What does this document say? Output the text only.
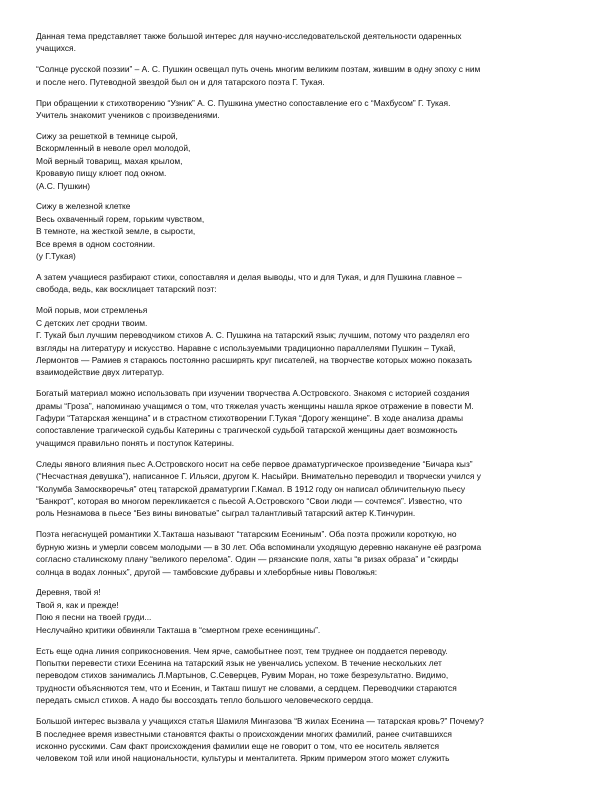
Данная тема представляет также большой интерес для научно-исследовательской деятельности одаренных
учащихся.

“Солнце русской поэзии” – А. С. Пушкин освещал путь очень многим великим поэтам, жившим в одну эпоху с ним
и после него. Путеводной звездой был он и для татарского поэта Г. Тукая.

При обращении к стихотворению “Узник” А. С. Пушкина уместно сопоставление его с “Махбусом” Г. Тукая.
Учитель знакомит учеников с произведениями.

Сижу за решеткой в темнице сырой,
Вскормленный в неволе орел молодой,
Мой верный товарищ, махая крылом,
Кровавую пищу клюет под окном.
(А.С. Пушкин)

Сижу в железной клетке
Весь охваченный горем, горьким чувством,
В темноте, на жесткой земле, в сырости,
Все время в одном состоянии.
(у Г.Тукая)

А затем учащиеся разбирают стихи, сопоставляя и делая выводы, что и для Тукая, и для Пушкина главное –
свобода, ведь, как восклицает татарский поэт:

Мой порыв, мои стремленья
С детских лет сродни твоим.
Г. Тукай был лучшим переводчиком стихов А. С. Пушкина на татарский язык; лучшим, потому что разделял его
взгляды на литературу и искусство. Наравне с используемыми традиционно параллелями Пушкин – Тукай,
Лермонтов — Рамиев я стараюсь постоянно расширять круг писателей, на творчестве которых можно показать
взаимодействие двух литератур.

Богатый материал можно использовать при изучении творчества А.Островского. Знакомя с историей создания
драмы “Гроза”, напоминаю учащимся о том, что тяжелая участь женщины нашла яркое отражение в повести М.
Гафури “Татарская женщина” и в страстном стихотворении Г.Тукая “Дорогу женщине”. В ходе анализа драмы
сопоставление трагической судьбы Катерины с трагической судьбой татарской женщины дает возможность
учащимся правильно понять и поступок Катерины.

Следы явного влияния пьес А.Островского носит на себе первое драматургическое произведение “Бичара кыз”
(“Несчастная девушка”), написанное Г. Ильяси, другом К. Насыйри. Внимательно переводил и творчески учился у
“Колумба Замоскворечья” отец татарской драматургии Г.Камал. В 1912 году он написал обличительную пьесу
“Банкрот”, которая во многом перекликается с пьесой А.Островского “Свои люди — сочтемся”. Известно, что
роль Незнамова в пьесе “Без вины виноватые” сыграл талантливый татарский актер К.Тинчурин.

Поэта негаснущей романтики Х.Такташа называют “татарским Есениным”. Оба поэта прожили короткую, но
бурную жизнь и умерли совсем молодыми — в 30 лет. Оба вспоминали уходящую деревню накануне её разгрома
согласно сталинскому плану “великого перелома”. Один — рязанские поля, хаты “в ризах образа” и “скирды
солнца в водах лонных”, другой — тамбовские дубравы и хлеборбные нивы Поволжья:

Деревня, твой я!
Твой я, как и прежде!
Пою я песни на твоей груди...
Неслучайно критики обвиняли Такташа в “смертном грехе есенинщины”.

Есть еще одна линия соприкосновения. Чем ярче, самобытнее поэт, тем труднее он поддается переводу.
Попытки перевести стихи Есенина на татарский язык не увенчались успехом. В течение нескольких лет
переводом стихов занимались Л.Мартынов, С.Северцев, Рувим Моран, но тоже безрезультатно. Видимо,
трудности объясняются тем, что и Есенин, и Такташ пишут не словами, а сердцем. Переводчики стараются
передать смысл стихов. А надо бы воссоздать тепло большого человеческого сердца.

Большой интерес вызвала у учащихся статья Шамиля Мингазова “В жилах Есенина — татарская кровь?” Почему?
В последнее время известными становятся факты о происхождении многих фамилий, ранее считавшихся
исконно русскими. Сам факт происхождения фамилии еще не говорит о том, что ее носитель является
человеком той или иной национальности, культуры и менталитета. Ярким примером этого может служить
